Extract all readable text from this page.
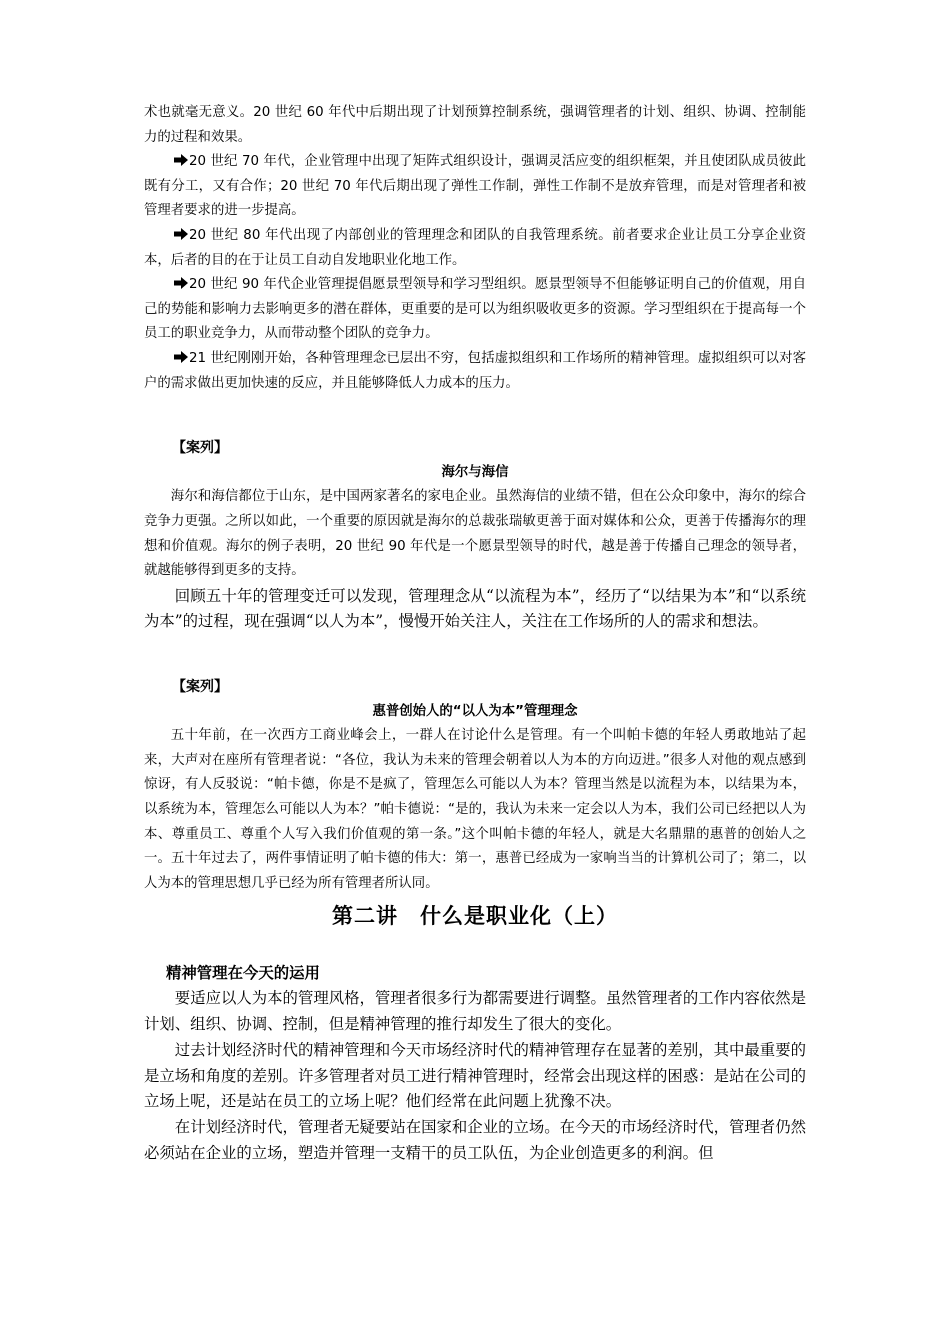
术也就毫无意义。20 世纪 60 年代中后期出现了计划预算控制系统，强调管理者的计划、组织、协调、控制能力的过程和效果。

20 世纪 70 年代，企业管理中出现了矩阵式组织设计，强调灵活应变的组织框架，并且使团队成员彼此既有分工，又有合作；20 世纪 70 年代后期出现了弹性工作制，弹性工作制不是放弃管理，而是对管理者和被管理者要求的进一步提高。

20 世纪 80 年代出现了内部创业的管理理念和团队的自我管理系统。前者要求企业让员工分享企业资本，后者的目的在于让员工自动自发地职业化地工作。

20 世纪 90 年代企业管理提倡愿景型领导和学习型组织。愿景型领导不但能够证明自己的价值观，用自己的势能和影响力去影响更多的潜在群体，更重要的是可以为组织吸收更多的资源。学习型组织在于提高每一个员工的职业竞争力，从而带动整个团队的竞争力。

21 世纪刚刚开始，各种管理理念已层出不穷，包括虚拟组织和工作场所的精神管理。虚拟组织可以对客户的需求做出更加快速的反应，并且能够降低人力成本的压力。

【案列】

海尔与海信

海尔和海信都位于山东，是中国两家著名的家电企业。虽然海信的业绩不错，但在公众印象中，海尔的综合竞争力更强。之所以如此，一个重要的原因就是海尔的总裁张瑞敏更善于面对媒体和公众，更善于传播海尔的理想和价值观。海尔的例子表明，20 世纪 90 年代是一个愿景型领导的时代，越是善于传播自己理念的领导者，就越能够得到更多的支持。

回顾五十年的管理变迁可以发现，管理理念从“以流程为本”，经历了“以结果为本”和“以系统为本”的过程，现在强调“以人为本”，慢慢开始关注人，关注在工作场所的人的需求和想法。

【案列】

惠普创始人的“以人为本”管理理念

五十年前，在一次西方工商业峰会上，一群人在讨论什么是管理。有一个叫帕卡德的年轻人勇敢地站了起来，大声对在座所有管理者说：“各位，我认为未来的管理会朝着以人为本的方向迈进。”很多人对他的观点感到惊讶，有人反驳说：“帕卡德，你是不是疯了，管理怎么可能以人为本？管理当然是以流程为本，以结果为本，以系统为本，管理怎么可能以人为本？”帕卡德说：“是的，我认为未来一定会以人为本，我们公司已经把以人为本、尊重员工、尊重个人写入我们价值观的第一条。”这个叫帕卡德的年轻人，就是大名鼎鼎的惠普的创始人之一。五十年过去了，两件事情证明了帕卡德的伟大：第一，惠普已经成为一家响当当的计算机公司了；第二，以人为本的管理思想几乎已经为所有管理者所认同。

第二讲　什么是职业化（上）

精神管理在今天的运用

要适应以人为本的管理风格，管理者很多行为都需要进行调整。虽然管理者的工作内容依然是计划、组织、协调、控制，但是精神管理的推行却发生了很大的变化。

过去计划经济时代的精神管理和今天市场经济时代的精神管理存在显著的差别，其中最重要的是立场和角度的差别。许多管理者对员工进行精神管理时，经常会出现这样的困惑：是站在公司的立场上呢，还是站在员工的立场上呢？他们经常在此问题上犹豫不决。

在计划经济时代，管理者无疑要站在国家和企业的立场。在今天的市场经济时代，管理者仍然必须站在企业的立场，塑造并管理一支精干的员工队伍，为企业创造更多的利润。但
